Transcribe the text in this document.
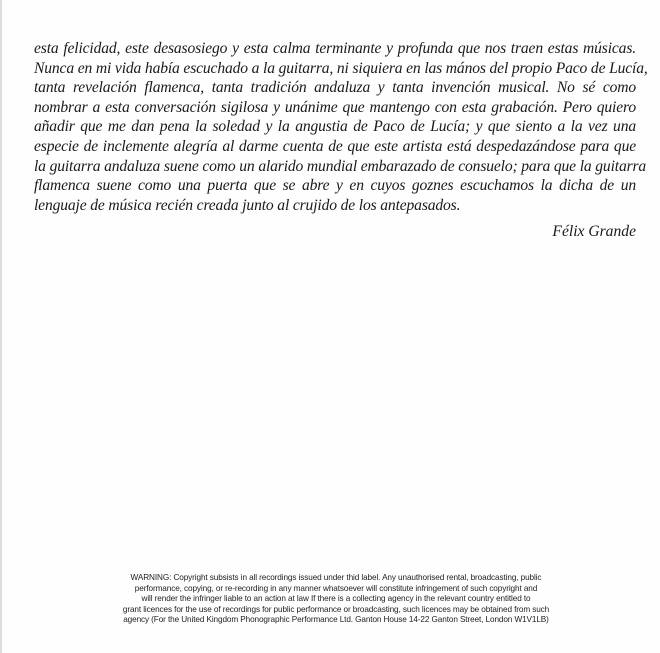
esta felicidad, este desasosiego y esta calma terminante y profunda que nos traen estas músicas.
Nunca en mi vida había escuchado a la guitarra, ni siquiera en las mános del propio Paco de Lucía,
tanta revelación flamenca, tanta tradición andaluza y tanta invención musical. No sé como
nombrar a esta conversación sigilosa y unánime que mantengo con esta grabación. Pero quiero
añadir que me dan pena la soledad y la angustia de Paco de Lucía; y que siento a la vez una
especie de inclemente alegría al darme cuenta de que este artista está despedazándose para que
la guitarra andaluza suene como un alarido mundial embarazado de consuelo; para que la guitarra
flamenca suene como una puerta que se abre y en cuyos goznes escuchamos la dicha de un
lenguaje de música recién creada junto al crujido de los antepasados.

Félix Grande

WARNING: Copyright subsists in all recordings issued under thid label. Any unauthorised rental, broadcasting, public
performance, copying, or re-recording in any manner whatsoever will constitute infringement of such copyright and
will render the infringer liable to an action at law If there is a collecting agency in the relevant country entitled to
grant licences for the use of recordings for public performance or broadcasting, such licences may be obtained from such
agency (For the United Kingdom Phonographic Performance Ltd. Ganton House 14-22 Ganton Street, London W1V1LB)
